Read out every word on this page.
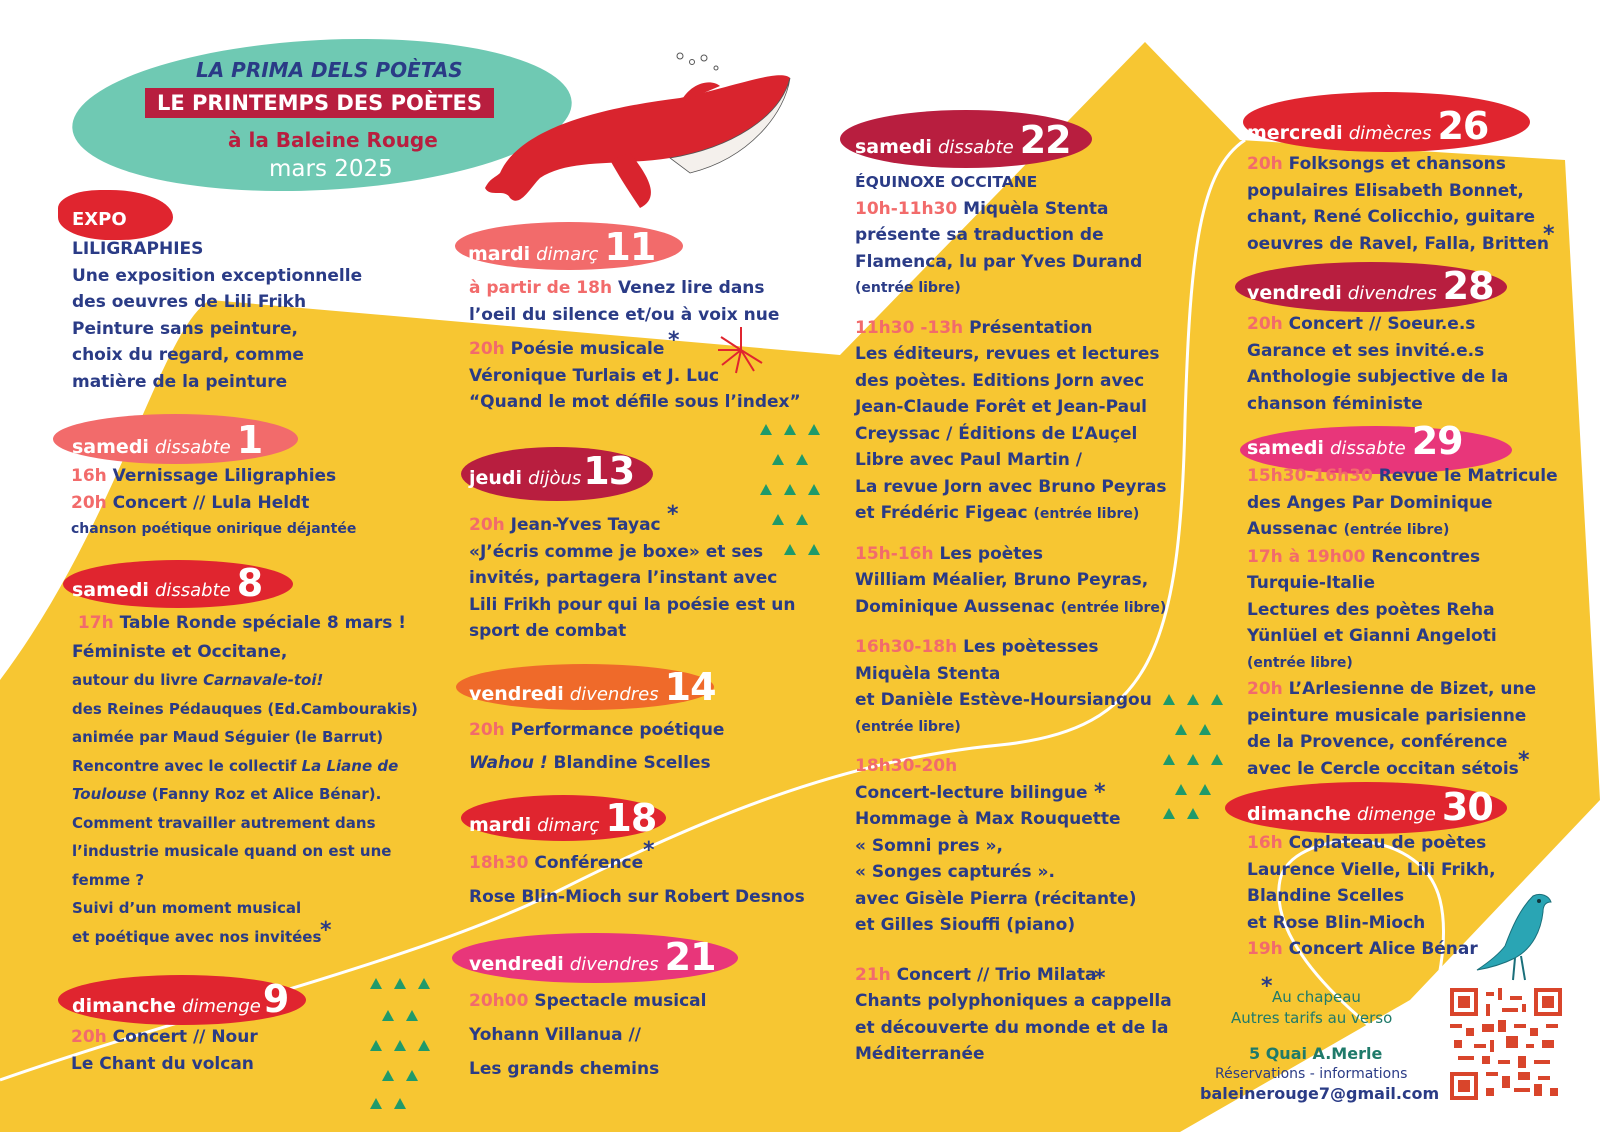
LA PRIMA DELS POÈTAS
LE PRINTEMPS DES POÈTES
à la Baleine Rouge
mars 2025
EXPO
LILIGRAPHIES
Une exposition exceptionnelle
des oeuvres de Lili Frikh
Peinture sans peinture,
choix du regard, comme
matière de la peinture
samedi dissabte 1
16h Vernissage Liligraphies
20h Concert // Lula Heldt
chanson poétique onirique déjantée
samedi dissabte 8
17h Table Ronde spéciale 8 mars !
Féministe et Occitane,
autour du livre Carnavale-toi!
des Reines Pédauques (Ed.Cambourakis)
animée par Maud Séguier (le Barrut)
Rencontre avec le collectif La Liane de
Toulouse (Fanny Roz et Alice Bénar).
Comment travailler autrement dans
l’industrie musicale quand on est une
femme ?
Suivi d’un moment musical
et poétique avec nos invitées
*
dimanche dimenge9
20h Concert // Nour
Le Chant du volcan
mardi dimarç 11
à partir de 18h Venez lire dans
l’oeil du silence et/ou à voix nue
20h Poésie musicale
Véronique Turlais et J. Luc
“Quand le mot défile sous l’index”
*
jeudi dijòus13
20h Jean-Yves Tayac
«J’écris comme je boxe» et ses
invités, partagera l’instant avec
Lili Frikh pour qui la poésie est un
sport de combat
*
vendredi divendres 14
20h Performance poétique
Wahou ! Blandine Scelles
mardi dimarç 18
18h30 Conférence
Rose Blin-Mioch sur Robert Desnos
*
vendredi divendres 21
20h00 Spectacle musical
Yohann Villanua //
Les grands chemins
samedi dissabte 22
ÉQUINOXE OCCITANE
10h-11h30 Miquèla Stenta
présente sa traduction de
Flamenca, lu par Yves Durand
(entrée libre)
11h30 -13h Présentation
Les éditeurs, revues et lectures
des poètes. Editions Jorn avec
Jean-Claude Forêt et Jean-Paul
Creyssac / Éditions de L’Auçel
Libre avec Paul Martin /
La revue Jorn avec Bruno Peyras
et Frédéric Figeac (entrée libre)
15h-16h Les poètes
William Méalier, Bruno Peyras,
Dominique Aussenac (entrée libre)
16h30-18h Les poètesses
Miquèla Stenta
et Danièle Estève-Hoursiangou
(entrée libre)
18h30-20h
Concert-lecture bilingue
Hommage à Max Rouquette
« Somni pres »,
« Songes capturés ».
avec Gisèle Pierra (récitante)
et Gilles Siouffi (piano)
21h Concert // Trio Milata
Chants polyphoniques a cappella
et découverte du monde et de la
Méditerranée
*
*
mercredi dimècres 26
20h Folksongs et chansons
populaires Elisabeth Bonnet,
chant, René Colicchio, guitare
oeuvres de Ravel, Falla, Britten
*
vendredi divendres 28
20h Concert // Soeur.e.s
Garance et ses invité.e.s
Anthologie subjective de la
chanson féministe
samedi dissabte 29
15h30-16h30 Revue le Matricule
des Anges Par Dominique
Aussenac (entrée libre)
17h à 19h00 Rencontres
Turquie-Italie
Lectures des poètes Reha
Yünlüel et Gianni Angeloti
(entrée libre)
20h L’Arlesienne de Bizet, une
peinture musicale parisienne
de la Provence, conférence
avec le Cercle occitan sétois *
dimanche dimenge 30
16h Coplateau de poètes
Laurence Vielle, Lili Frikh,
Blandine Scelles
et Rose Blin-Mioch
19h Concert Alice Bénar
* Au chapeau
Autres tarifs au verso
5 Quai A.Merle
Réservations - informations
baleinerouge7@gmail.com
